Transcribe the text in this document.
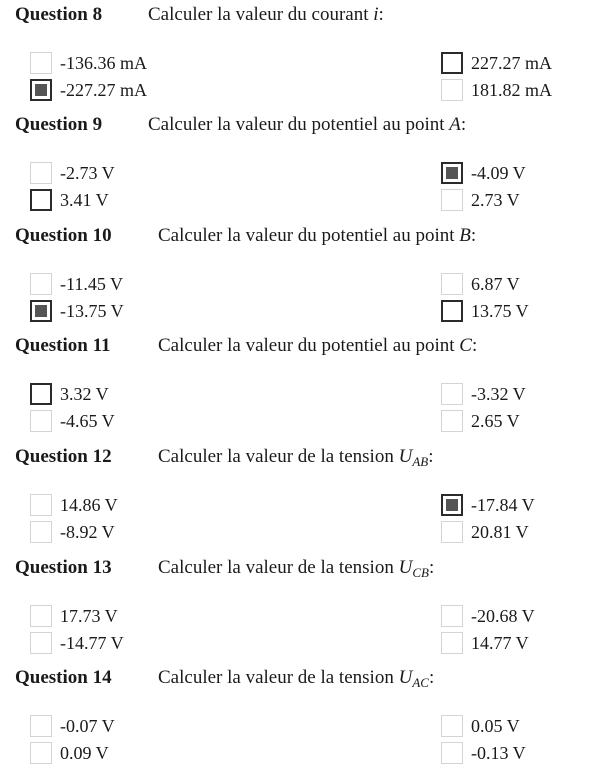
Question 8 Calculer la valeur du courant i:
-136.36 mA	227.27 mA
-227.27 mA	181.82 mA
Question 9 Calculer la valeur du potentiel au point A:
-2.73 V	-4.09 V
3.41 V	2.73 V
Question 10 Calculer la valeur du potentiel au point B:
-11.45 V	6.87 V
-13.75 V	13.75 V
Question 11 Calculer la valeur du potentiel au point C:
3.32 V	-3.32 V
-4.65 V	2.65 V
Question 12 Calculer la valeur de la tension $U_{AB}$:
14.86 V	-17.84 V
-8.92 V	20.81 V
Question 13 Calculer la valeur de la tension $U_{CB}$:
17.73 V	-20.68 V
-14.77 V	14.77 V
Question 14 Calculer la valeur de la tension $U_{AC}$:
-0.07 V	0.05 V
0.09 V	-0.13 V
